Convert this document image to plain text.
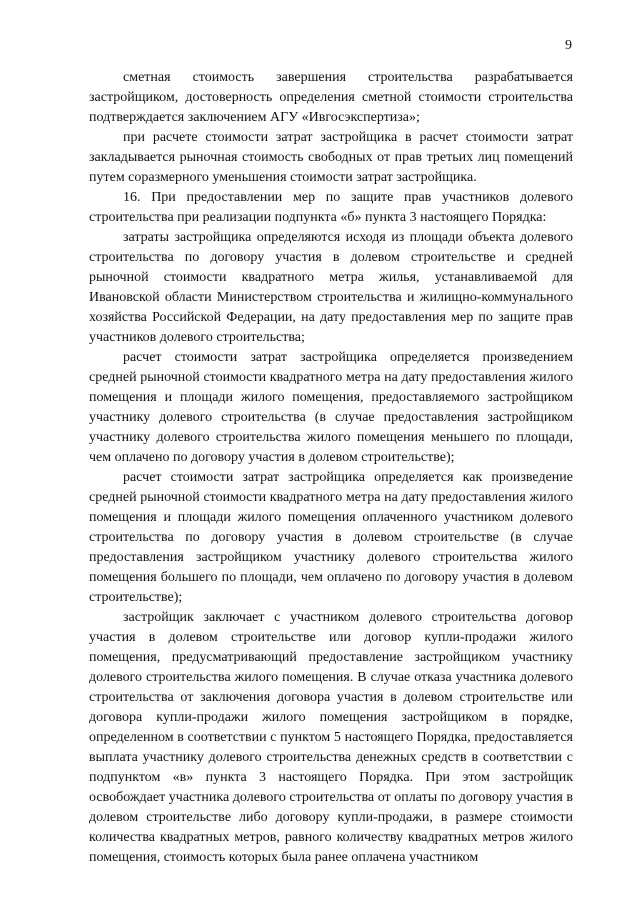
9

сметная стоимость завершения строительства разрабатывается застройщиком, достоверность определения сметной стоимости строительства подтверждается заключением АГУ «Ивгосэкспертиза»;

при расчете стоимости затрат застройщика в расчет стоимости затрат закладывается рыночная стоимость свободных от прав третьих лиц помещений путем соразмерного уменьшения стоимости затрат застройщика.

16. При предоставлении мер по защите прав участников долевого строительства при реализации подпункта «б» пункта 3 настоящего Порядка:

затраты застройщика определяются исходя из площади объекта долевого строительства по договору участия в долевом строительстве и средней рыночной стоимости квадратного метра жилья, устанавливаемой для Ивановской области Министерством строительства и жилищно-коммунального хозяйства Российской Федерации, на дату предоставления мер по защите прав участников долевого строительства;

расчет стоимости затрат застройщика определяется произведением средней рыночной стоимости квадратного метра на дату предоставления жилого помещения и площади жилого помещения, предоставляемого застройщиком участнику долевого строительства (в случае предоставления застройщиком участнику долевого строительства жилого помещения меньшего по площади, чем оплачено по договору участия в долевом строительстве);

расчет стоимости затрат застройщика определяется как произведение средней рыночной стоимости квадратного метра на дату предоставления жилого помещения и площади жилого помещения оплаченного участником долевого строительства по договору участия в долевом строительстве (в случае предоставления застройщиком участнику долевого строительства жилого помещения большего по площади, чем оплачено по договору участия в долевом строительстве);

застройщик заключает с участником долевого строительства договор участия в долевом строительстве или договор купли-продажи жилого помещения, предусматривающий предоставление застройщиком участнику долевого строительства жилого помещения. В случае отказа участника долевого строительства от заключения договора участия в долевом строительстве или договора купли-продажи жилого помещения застройщиком в порядке, определенном в соответствии с пунктом 5 настоящего Порядка, предоставляется выплата участнику долевого строительства денежных средств в соответствии с подпунктом «в» пункта 3 настоящего Порядка. При этом застройщик освобождает участника долевого строительства от оплаты по договору участия в долевом строительстве либо договору купли-продажи, в размере стоимости количества квадратных метров, равного количеству квадратных метров жилого помещения, стоимость которых была ранее оплачена участником
